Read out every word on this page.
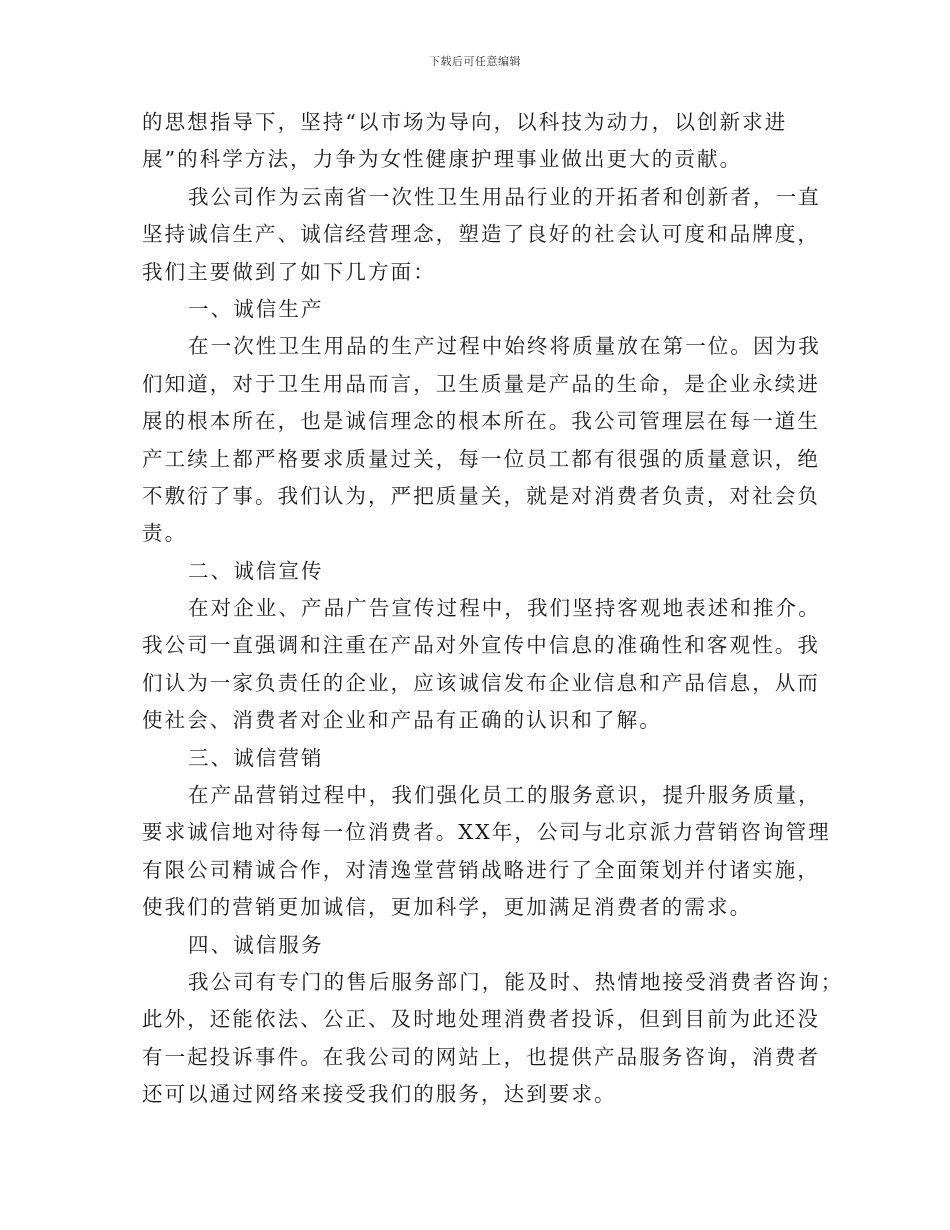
下载后可任意编辑
的思想指导下，坚持“以市场为导向，以科技为动力，以创新求进
展”的科学方法，力争为女性健康护理事业做出更大的贡献。
我公司作为云南省一次性卫生用品行业的开拓者和创新者，一直
坚持诚信生产、诚信经营理念，塑造了良好的社会认可度和品牌度，
我们主要做到了如下几方面：
一、诚信生产
在一次性卫生用品的生产过程中始终将质量放在第一位。因为我
们知道，对于卫生用品而言，卫生质量是产品的生命，是企业永续进
展的根本所在，也是诚信理念的根本所在。我公司管理层在每一道生
产工续上都严格要求质量过关，每一位员工都有很强的质量意识，绝
不敷衍了事。我们认为，严把质量关，就是对消费者负责，对社会负
责。
二、诚信宣传
在对企业、产品广告宣传过程中，我们坚持客观地表述和推介。
我公司一直强调和注重在产品对外宣传中信息的准确性和客观性。我
们认为一家负责任的企业，应该诚信发布企业信息和产品信息，从而
使社会、消费者对企业和产品有正确的认识和了解。
三、诚信营销
在产品营销过程中，我们强化员工的服务意识，提升服务质量，
要求诚信地对待每一位消费者。XX年，公司与北京派力营销咨询管理
有限公司精诚合作，对清逸堂营销战略进行了全面策划并付诸实施，
使我们的营销更加诚信，更加科学，更加满足消费者的需求。
四、诚信服务
我公司有专门的售后服务部门，能及时、热情地接受消费者咨询；
此外，还能依法、公正、及时地处理消费者投诉，但到目前为此还没
有一起投诉事件。在我公司的网站上，也提供产品服务咨询，消费者
还可以通过网络来接受我们的服务，达到要求。
